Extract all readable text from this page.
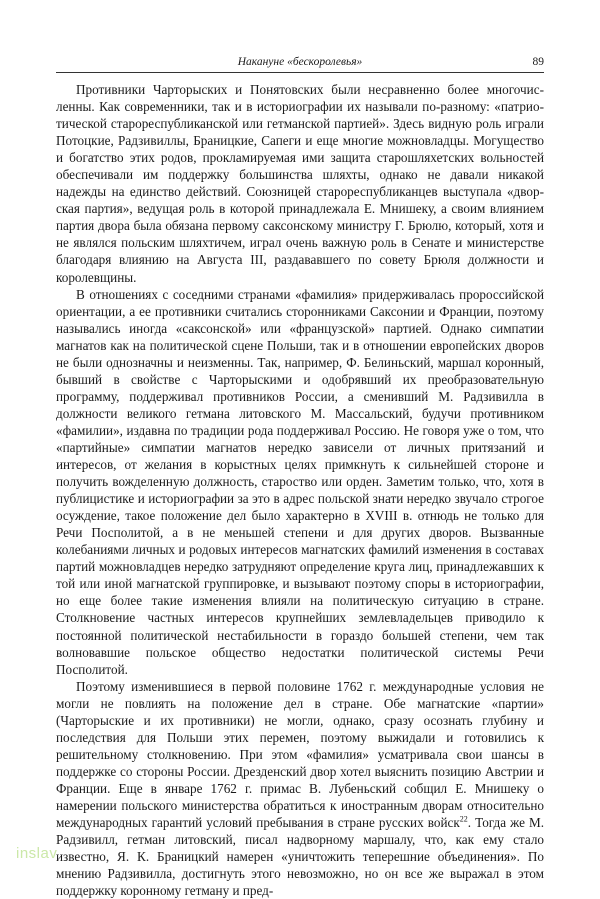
Накануне «бескоролевья»	89

Противники Чарторыских и Понятовских были несравненно более многочисленны. Как современники, так и в историографии их называли по-разному: «патриотической старореспубликанской или гетманской партией». Здесь видную роль играли Потоцкие, Радзивиллы, Браницкие, Сапеги и еще многие можновладцы. Могущество и богатство этих родов, прокламируемая ими защита старошляхетских вольностей обеспечивали им поддержку большинства шляхты, однако не давали никакой надежды на единство действий. Союзницей старореспубликанцев выступала «дворская партия», ведущая роль в которой принадлежала Е. Мнишеку, а своим влиянием партия двора была обязана первому саксонскому министру Г. Брюлю, который, хотя и не являлся польским шляхтичем, играл очень важную роль в Сенате и министерстве благодаря влиянию на Августа III, раздававшего по совету Брюля должности и королевщины.

В отношениях с соседними странами «фамилия» придерживалась пророссийской ориентации, а ее противники считались сторонниками Саксонии и Франции, поэтому назывались иногда «саксонской» или «французской» партией. Однако симпатии магнатов как на политической сцене Польши, так и в отношении европейских дворов не были однозначны и неизменны. Так, например, Ф. Белиньский, маршал коронный, бывший в свойстве с Чарторыскими и одобрявший их преобразовательную программу, поддерживал противников России, а сменивший М. Радзивилла в должности великого гетмана литовского М. Массальский, будучи противником «фамилии», издавна по традиции рода поддерживал Россию. Не говоря уже о том, что «партийные» симпатии магнатов нередко зависели от личных притязаний и интересов, от желания в корыстных целях примкнуть к сильнейшей стороне и получить вожделенную должность, староство или орден. Заметим только, что, хотя в публицистике и историографии за это в адрес польской знати нередко звучало строгое осуждение, такое положение дел было характерно в XVIII в. отнюдь не только для Речи Посполитой, а в не меньшей степени и для других дворов. Вызванные колебаниями личных и родовых интересов магнатских фамилий изменения в составах партий можновладцев нередко затрудняют определение круга лиц, принадлежавших к той или иной магнатской группировке, и вызывают поэтому споры в историографии, но еще более такие изменения влияли на политическую ситуацию в стране. Столкновение частных интересов крупнейших землевладельцев приводило к постоянной политической нестабильности в гораздо большей степени, чем так волновавшие польское общество недостатки политической системы Речи Посполитой.

Поэтому изменившиеся в первой половине 1762 г. международные условия не могли не повлиять на положение дел в стране. Обе магнатские «партии» (Чарторыские и их противники) не могли, однако, сразу осознать глубину и последствия для Польши этих перемен, поэтому выжидали и готовились к решительному столкновению. При этом «фамилия» усматривала свои шансы в поддержке со стороны России. Дрезденский двор хотел выяснить позицию Австрии и Франции. Еще в январе 1762 г. примас В. Лубеньский собщил Е. Мнишеку о намерении польского министерства обратиться к иностранным дворам относительно международных гарантий условий пребывания в стране русских войск$^{22}$. Тогда же М. Радзивилл, гетман литовский, писал надворному маршалу, что, как ему стало известно, Я. К. Браницкий намерен «уничтожить теперешние объединения». По мнению Радзивилла, достигнуть этого невозможно, но он все же выражал в этом поддержку коронному гетману и пред-

inslav
